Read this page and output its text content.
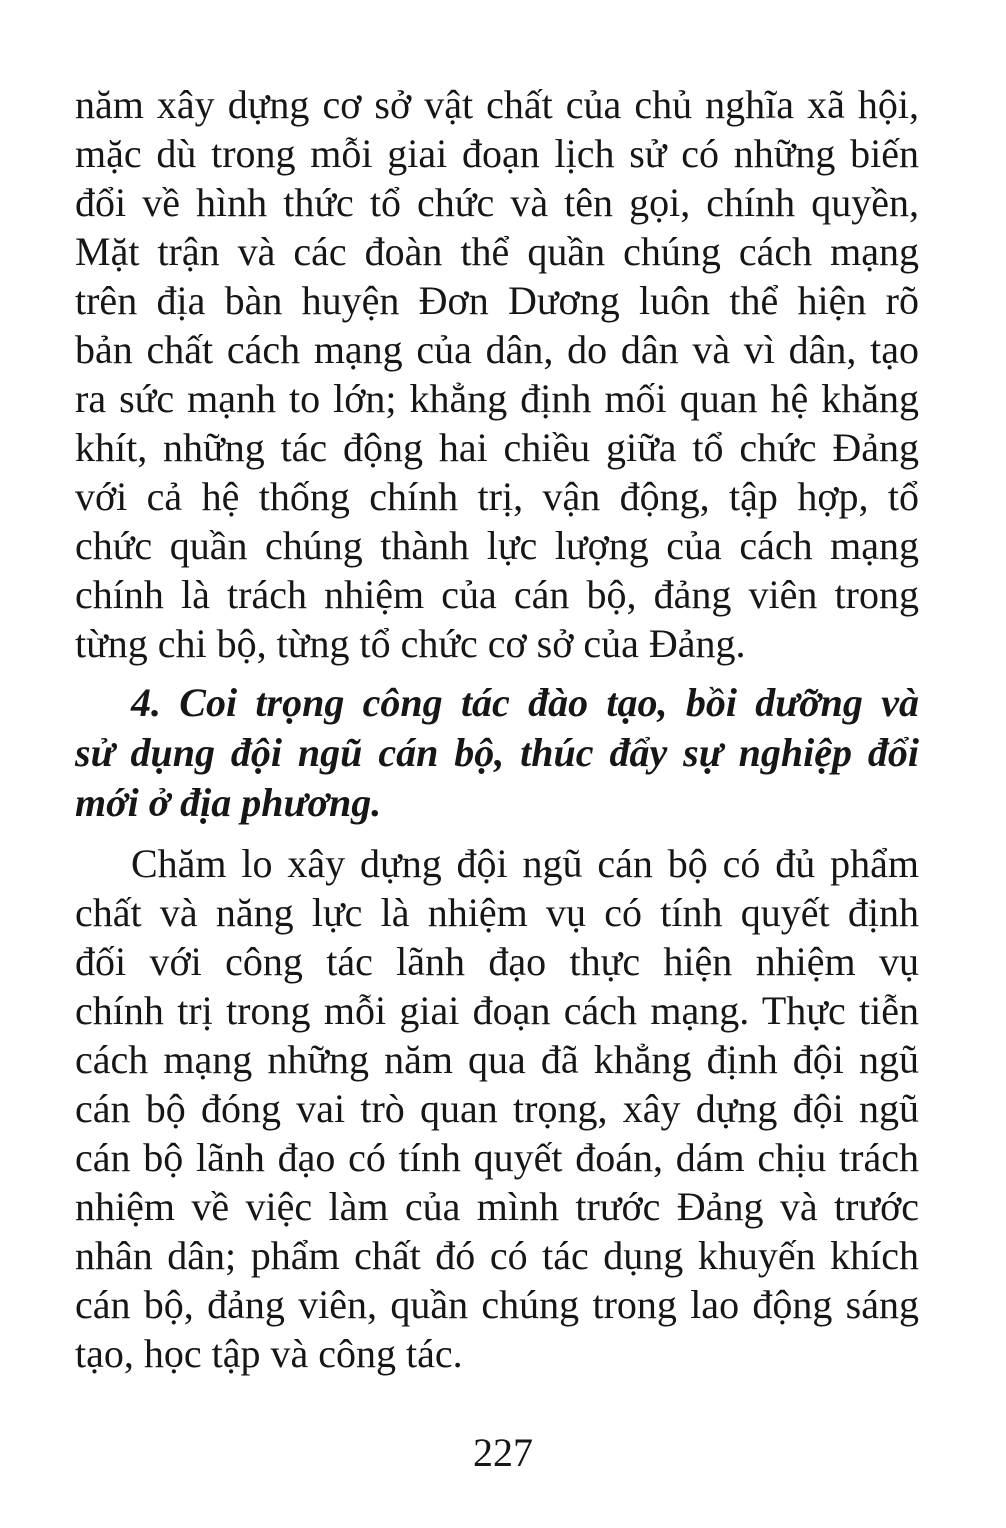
năm xây dựng cơ sở vật chất của chủ nghĩa xã hội,
mặc dù trong mỗi giai đoạn lịch sử có những biến
đổi về hình thức tổ chức và tên gọi, chính quyền,
Mặt trận và các đoàn thể quần chúng cách mạng
trên địa bàn huyện Đơn Dương luôn thể hiện rõ
bản chất cách mạng của dân, do dân và vì dân, tạo
ra sức mạnh to lớn; khẳng định mối quan hệ khăng
khít, những tác động hai chiều giữa tổ chức Đảng
với cả hệ thống chính trị, vận động, tập hợp, tổ
chức quần chúng thành lực lượng của cách mạng
chính là trách nhiệm của cán bộ, đảng viên trong
từng chi bộ, từng tổ chức cơ sở của Đảng.
4. Coi trọng công tác đào tạo, bồi dưỡng và
sử dụng đội ngũ cán bộ, thúc đẩy sự nghiệp đổi
mới ở địa phương.
Chăm lo xây dựng đội ngũ cán bộ có đủ phẩm
chất và năng lực là nhiệm vụ có tính quyết định
đối với công tác lãnh đạo thực hiện nhiệm vụ
chính trị trong mỗi giai đoạn cách mạng. Thực tiễn
cách mạng những năm qua đã khẳng định đội ngũ
cán bộ đóng vai trò quan trọng, xây dựng đội ngũ
cán bộ lãnh đạo có tính quyết đoán, dám chịu trách
nhiệm về việc làm của mình trước Đảng và trước
nhân dân; phẩm chất đó có tác dụng khuyến khích
cán bộ, đảng viên, quần chúng trong lao động sáng
tạo, học tập và công tác.
227
